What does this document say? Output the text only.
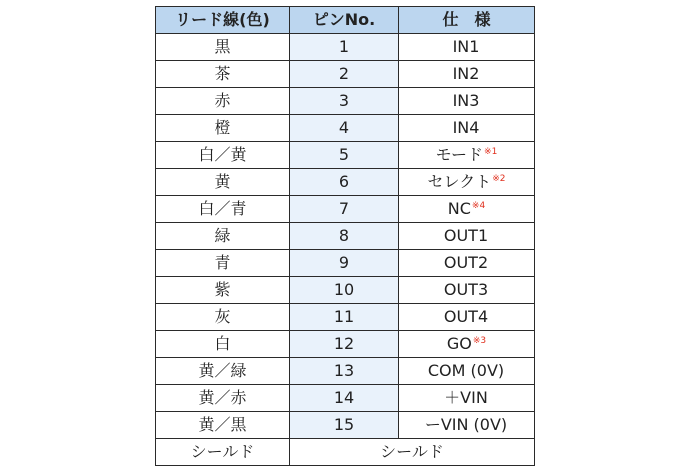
リード線(色)	ピンNo.	仕　様
黒	1	IN1
茶	2	IN2
赤	3	IN3
橙	4	IN4
白／黄	5	モード$^{※1}$
黄	6	セレクト$^{※2}$
白／青	7	NC$^{※4}$
緑	8	OUT1
青	9	OUT2
紫	10	OUT3
灰	11	OUT4
白	12	GO$^{※3}$
黄／緑	13	COM (0V)
黄／赤	14	＋VIN
黄／黒	15	ーVIN (0V)
シールド	シールド	
